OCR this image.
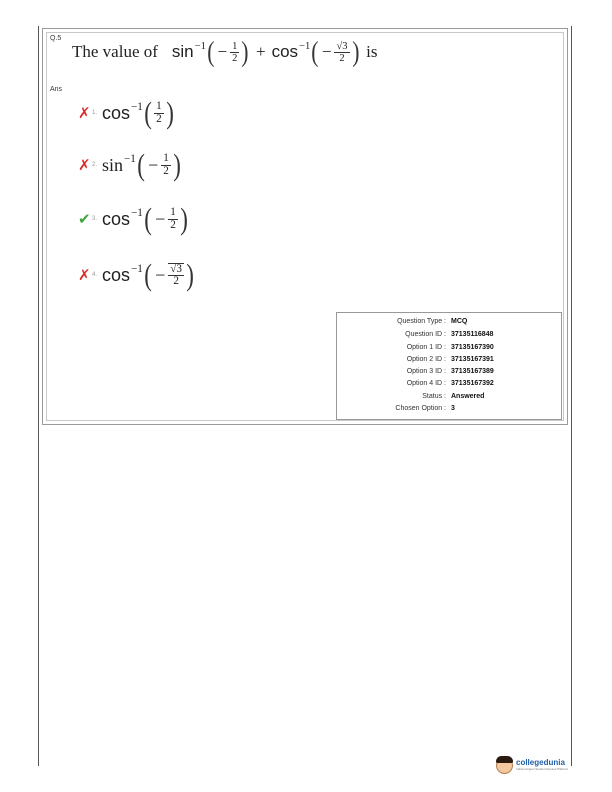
Q.5
The value of sin −1 ( − $\frac{1}{2}$ ) + cos −1 ( − $\frac{√3}{2}$ ) is
Ans
✗ 1. cos −1 ( $\frac{1}{2}$ )
✗ 2. sin −1 ( − $\frac{1}{2}$ )
✔ 3. cos −1 ( − $\frac{1}{2}$ )
✗ 4. cos −1 ( − $\frac{√3}{2}$ )
Question Type : MCQ
Question ID : 37135116848
Option 1 ID : 37135167390
Option 2 ID : 37135167391
Option 3 ID : 37135167389
Option 4 ID : 37135167392
Status : Answered
Chosen Option : 3
collegedunia
India's largest Student Review Platform
